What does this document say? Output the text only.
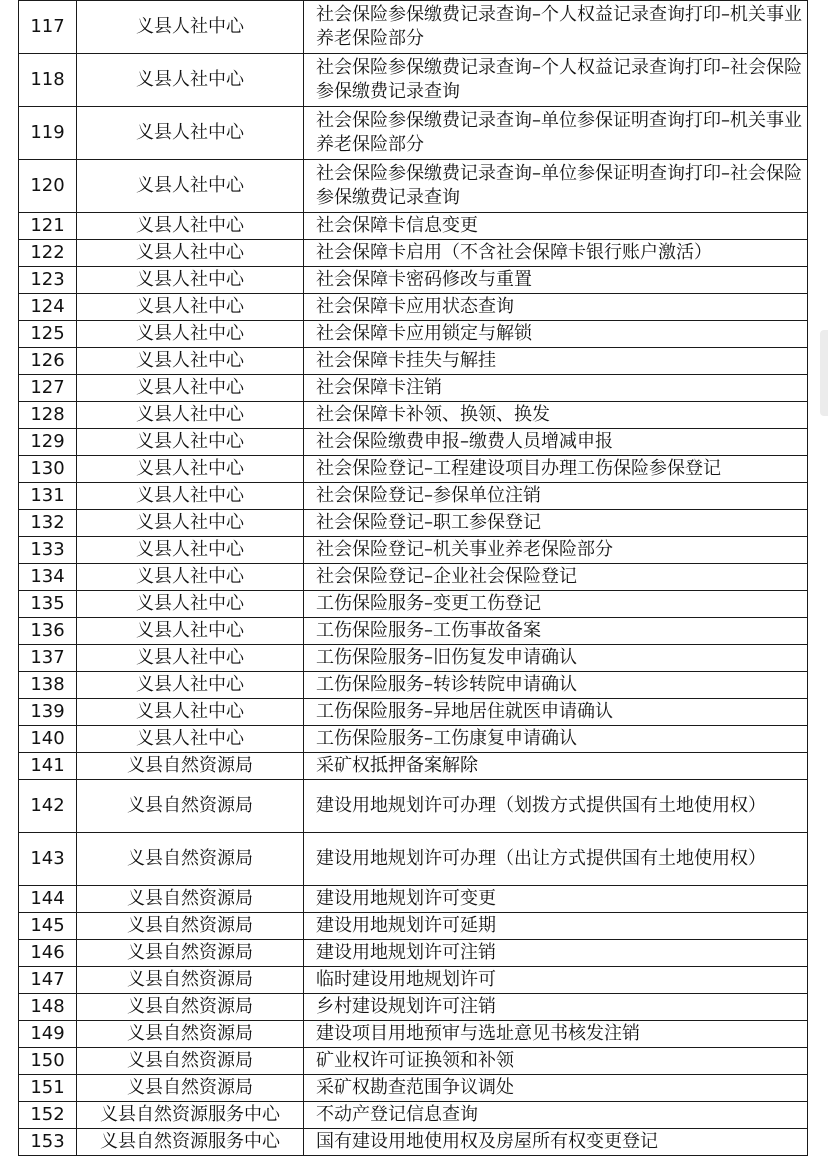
117	义县人社中心	社会保险参保缴费记录查询–个人权益记录查询打印–机关事业养老保险部分
118	义县人社中心	社会保险参保缴费记录查询–个人权益记录查询打印–社会保险参保缴费记录查询
119	义县人社中心	社会保险参保缴费记录查询–单位参保证明查询打印–机关事业养老保险部分
120	义县人社中心	社会保险参保缴费记录查询–单位参保证明查询打印–社会保险参保缴费记录查询
121	义县人社中心	社会保障卡信息变更
122	义县人社中心	社会保障卡启用（不含社会保障卡银行账户激活）
123	义县人社中心	社会保障卡密码修改与重置
124	义县人社中心	社会保障卡应用状态查询
125	义县人社中心	社会保障卡应用锁定与解锁
126	义县人社中心	社会保障卡挂失与解挂
127	义县人社中心	社会保障卡注销
128	义县人社中心	社会保障卡补领、换领、换发
129	义县人社中心	社会保险缴费申报–缴费人员增减申报
130	义县人社中心	社会保险登记–工程建设项目办理工伤保险参保登记
131	义县人社中心	社会保险登记–参保单位注销
132	义县人社中心	社会保险登记–职工参保登记
133	义县人社中心	社会保险登记–机关事业养老保险部分
134	义县人社中心	社会保险登记–企业社会保险登记
135	义县人社中心	工伤保险服务–变更工伤登记
136	义县人社中心	工伤保险服务–工伤事故备案
137	义县人社中心	工伤保险服务–旧伤复发申请确认
138	义县人社中心	工伤保险服务–转诊转院申请确认
139	义县人社中心	工伤保险服务–异地居住就医申请确认
140	义县人社中心	工伤保险服务–工伤康复申请确认
141	义县自然资源局	采矿权抵押备案解除
142	义县自然资源局	建设用地规划许可办理（划拨方式提供国有土地使用权）
143	义县自然资源局	建设用地规划许可办理（出让方式提供国有土地使用权）
144	义县自然资源局	建设用地规划许可变更
145	义县自然资源局	建设用地规划许可延期
146	义县自然资源局	建设用地规划许可注销
147	义县自然资源局	临时建设用地规划许可
148	义县自然资源局	乡村建设规划许可注销
149	义县自然资源局	建设项目用地预审与选址意见书核发注销
150	义县自然资源局	矿业权许可证换领和补领
151	义县自然资源局	采矿权勘查范围争议调处
152	义县自然资源服务中心	不动产登记信息查询
153	义县自然资源服务中心	国有建设用地使用权及房屋所有权变更登记
